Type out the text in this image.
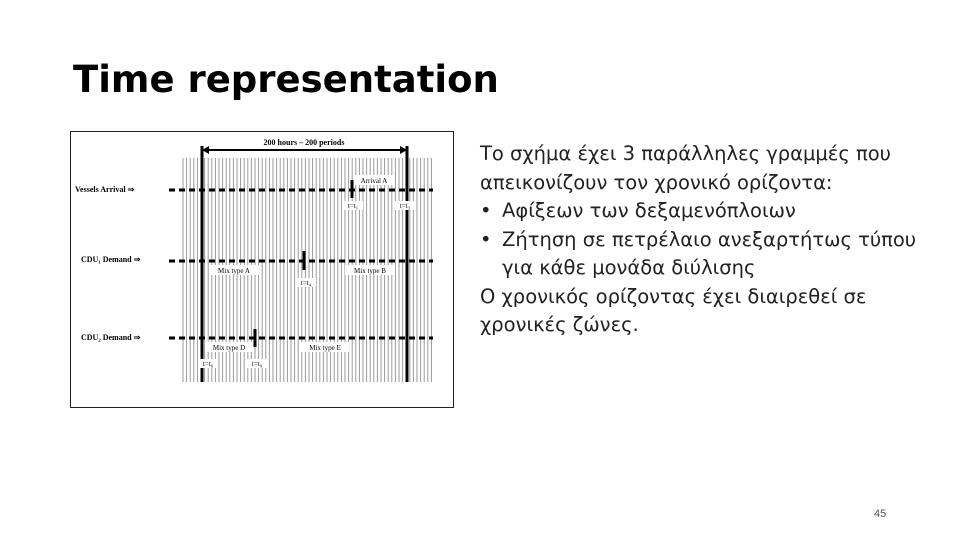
Time representation
200 hours – 200 periods
Vessels Arrival ⇒
Arrival A
t=t₁	t=t₃
CDU₁ Demand ⇒
Mix type A	Mix type B
t=t₄
CDU₂ Demand ⇒
Mix type D	Mix type E
t=t₆	t=t₉

Το σχήμα έχει 3 παράλληλες γραμμές που απεικονίζουν τον χρονικό ορίζοντα:

• Αφίξεων των δεξαμενόπλοιων
• Ζήτηση σε πετρέλαιο ανεξαρτήτως τύπου για κάθε μονάδα διύλισης

Ο χρονικός ορίζοντας έχει διαιρεθεί σε χρονικές ζώνες.

45
